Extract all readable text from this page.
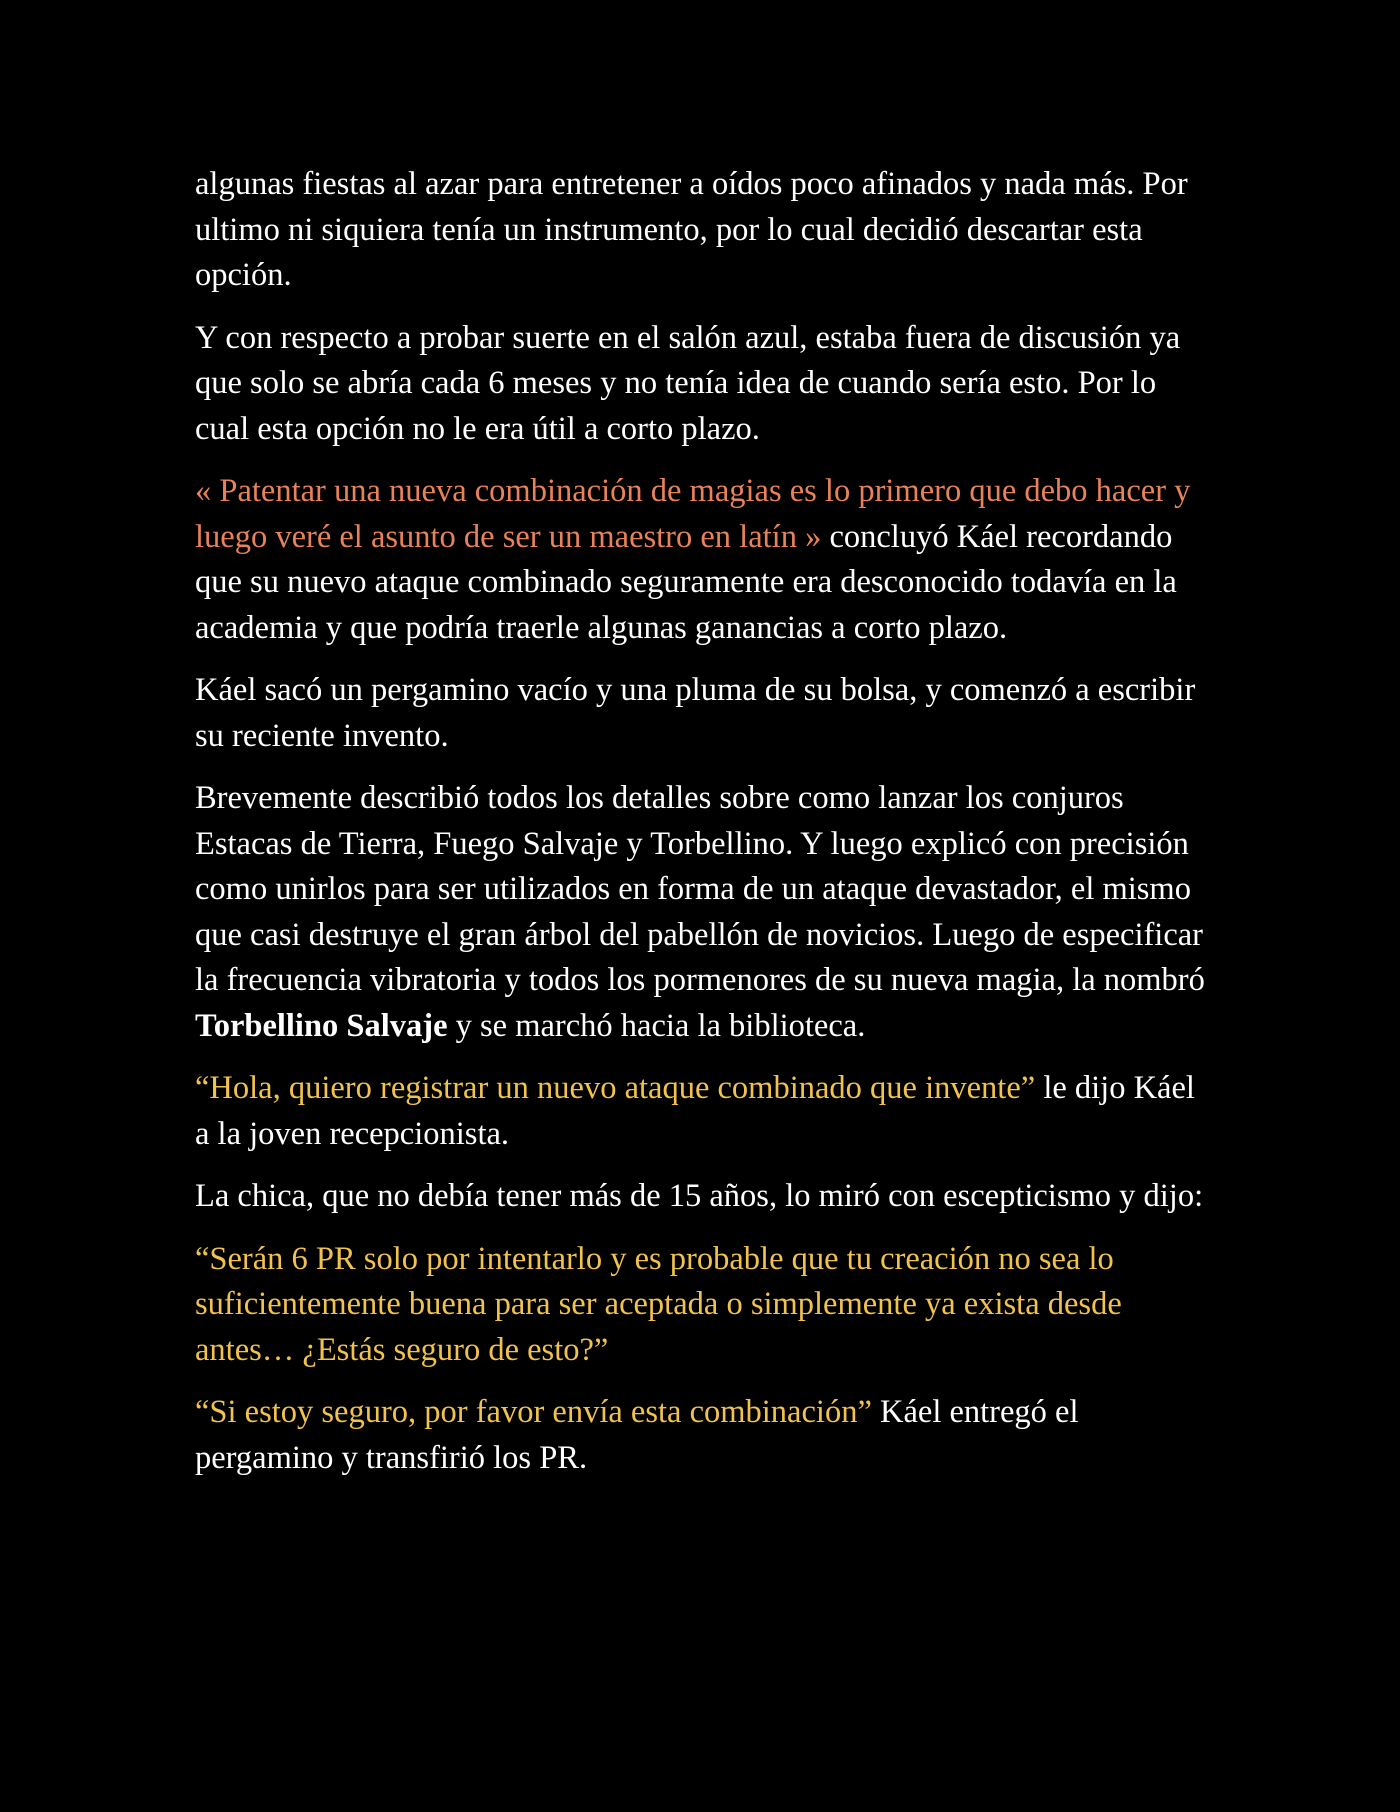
algunas fiestas al azar para entretener a oídos poco afinados y nada más. Por ultimo ni siquiera tenía un instrumento, por lo cual decidió descartar esta opción.

Y con respecto a probar suerte en el salón azul, estaba fuera de discusión ya que solo se abría cada 6 meses y no tenía idea de cuando sería esto. Por lo cual esta opción no le era útil a corto plazo.

« Patentar una nueva combinación de magias es lo primero que debo hacer y luego veré el asunto de ser un maestro en latín » concluyó Káel recordando que su nuevo ataque combinado seguramente era desconocido todavía en la academia y que podría traerle algunas ganancias a corto plazo.

Káel sacó un pergamino vacío y una pluma de su bolsa, y comenzó a escribir su reciente invento.

Brevemente describió todos los detalles sobre como lanzar los conjuros Estacas de Tierra, Fuego Salvaje y Torbellino. Y luego explicó con precisión como unirlos para ser utilizados en forma de un ataque devastador, el mismo que casi destruye el gran árbol del pabellón de novicios. Luego de especificar la frecuencia vibratoria y todos los pormenores de su nueva magia, la nombró Torbellino Salvaje y se marchó hacia la biblioteca.

“Hola, quiero registrar un nuevo ataque combinado que invente” le dijo Káel a la joven recepcionista.

La chica, que no debía tener más de 15 años, lo miró con escepticismo y dijo:

“Serán 6 PR solo por intentarlo y es probable que tu creación no sea lo suficientemente buena para ser aceptada o simplemente ya exista desde antes… ¿Estás seguro de esto?”

“Si estoy seguro, por favor envía esta combinación” Káel entregó el pergamino y transfirió los PR.
